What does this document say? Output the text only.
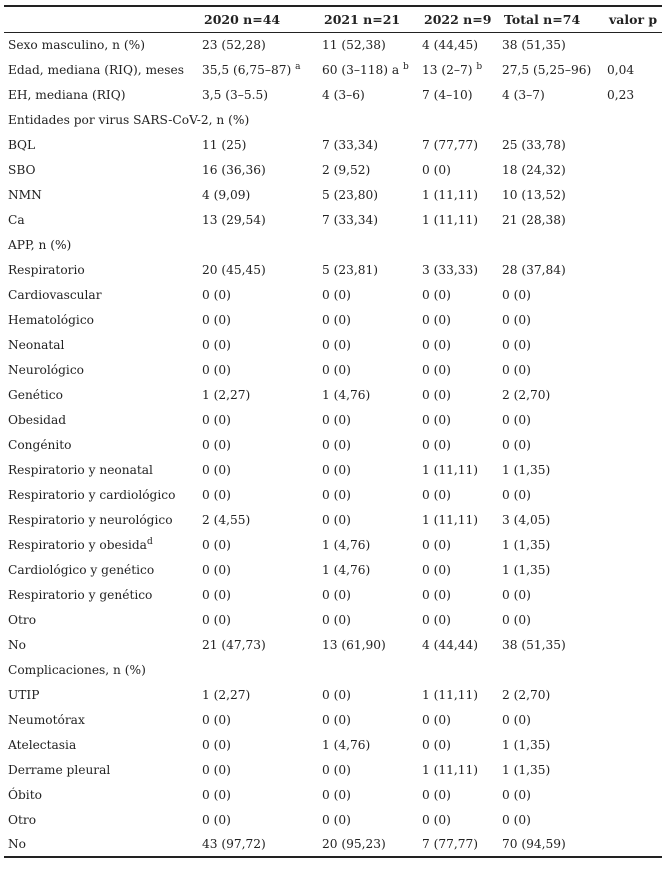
	2020 n=44	2021 n=21	2022 n=9	Total n=74	valor p
Sexo masculino, n (%)	23 (52,28)	11 (52,38)	4 (44,45)	38 (51,35)	
Edad, mediana (RIQ), meses	35,5 (6,75–87) $^a$	60 (3–118) a $^b$	13 (2–7) $^b$	27,5 (5,25–96)	0,04
EH, mediana (RIQ)	3,5 (3–5.5)	4 (3–6)	7 (4–10)	4 (3–7)	0,23
Entidades por virus SARS-CoV-2, n (%)					
BQL	11 (25)	7 (33,34)	7 (77,77)	25 (33,78)	
SBO	16 (36,36)	2 (9,52)	0 (0)	18 (24,32)	
NMN	4 (9,09)	5 (23,80)	1 (11,11)	10 (13,52)	
Ca	13 (29,54)	7 (33,34)	1 (11,11)	21 (28,38)	
APP, n (%)					
Respiratorio	20 (45,45)	5 (23,81)	3 (33,33)	28 (37,84)	
Cardiovascular	0 (0)	0 (0)	0 (0)	0 (0)	
Hematológico	0 (0)	0 (0)	0 (0)	0 (0)	
Neonatal	0 (0)	0 (0)	0 (0)	0 (0)	
Neurológico	0 (0)	0 (0)	0 (0)	0 (0)	
Genético	1 (2,27)	1 (4,76)	0 (0)	2 (2,70)	
Obesidad	0 (0)	0 (0)	0 (0)	0 (0)	
Congénito	0 (0)	0 (0)	0 (0)	0 (0)	
Respiratorio y neonatal	0 (0)	0 (0)	1 (11,11)	1 (1,35)	
Respiratorio y cardiológico	0 (0)	0 (0)	0 (0)	0 (0)	
Respiratorio y neurológico	2 (4,55)	0 (0)	1 (11,11)	3 (4,05)	
Respiratorio y obesida$^d$	0 (0)	1 (4,76)	0 (0)	1 (1,35)	
Cardiológico y genético	0 (0)	1 (4,76)	0 (0)	1 (1,35)	
Respiratorio y genético	0 (0)	0 (0)	0 (0)	0 (0)	
Otro	0 (0)	0 (0)	0 (0)	0 (0)	
No	21 (47,73)	13 (61,90)	4 (44,44)	38 (51,35)	
Complicaciones, n (%)					
UTIP	1 (2,27)	0 (0)	1 (11,11)	2 (2,70)	
Neumotórax	0 (0)	0 (0)	0 (0)	0 (0)	
Atelectasia	0 (0)	1 (4,76)	0 (0)	1 (1,35)	
Derrame pleural	0 (0)	0 (0)	1 (11,11)	1 (1,35)	
Óbito	0 (0)	0 (0)	0 (0)	0 (0)	
Otro	0 (0)	0 (0)	0 (0)	0 (0)	
No	43 (97,72)	20 (95,23)	7 (77,77)	70 (94,59)	
